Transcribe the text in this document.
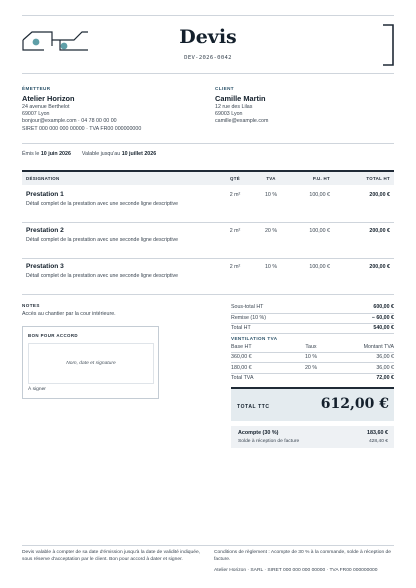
Devis
DEV-2026-0042
ÉMETTEUR
Atelier Horizon
24 avenue Berthelot
69007 Lyon
bonjour@example.com · 04 78 00 00 00
SIRET 000 000 000 00000 · TVA FR00 000000000
CLIENT
Camille Martin
12 rue des Lilas
69003 Lyon
camille@example.com
Émis le 10 juin 2026 Valable jusqu'au 10 juillet 2026
DÉSIGNATION	QTÉ	TVA	P.U. HT	TOTAL HT
Prestation 1
Détail complet de la prestation avec une seconde ligne descriptive
2 m²	10 %	100,00 €	200,00 €
Prestation 2
Détail complet de la prestation avec une seconde ligne descriptive
2 m²	20 %	100,00 €	200,00 €
Prestation 3
Détail complet de la prestation avec une seconde ligne descriptive
2 m²	10 %	100,00 €	200,00 €
NOTES
Accès au chantier par la cour intérieure.
BON POUR ACCORD
Nom, date et signature
À signer
Sous-total HT	600,00 €
Remise (10 %)	− 60,00 €
Total HT	540,00 €
VENTILATION TVA
Base HT	Taux	Montant TVA
360,00 €	10 %	36,00 €
180,00 €	20 %	36,00 €
Total TVA	72,00 €
TOTAL TTC	612,00 €
Acompte (30 %)	183,60 €
Solde à réception de facture	428,40 €
Devis valable à compter de sa date d'émission jusqu'à la date de validité indiquée, sous réserve d'acceptation par le client. Bon pour accord à dater et signer.
Conditions de règlement : Acompte de 30 % à la commande, solde à réception de facture.
Atelier Horizon · SARL · SIRET 000 000 000 00000 · TVA FR00 000000000
